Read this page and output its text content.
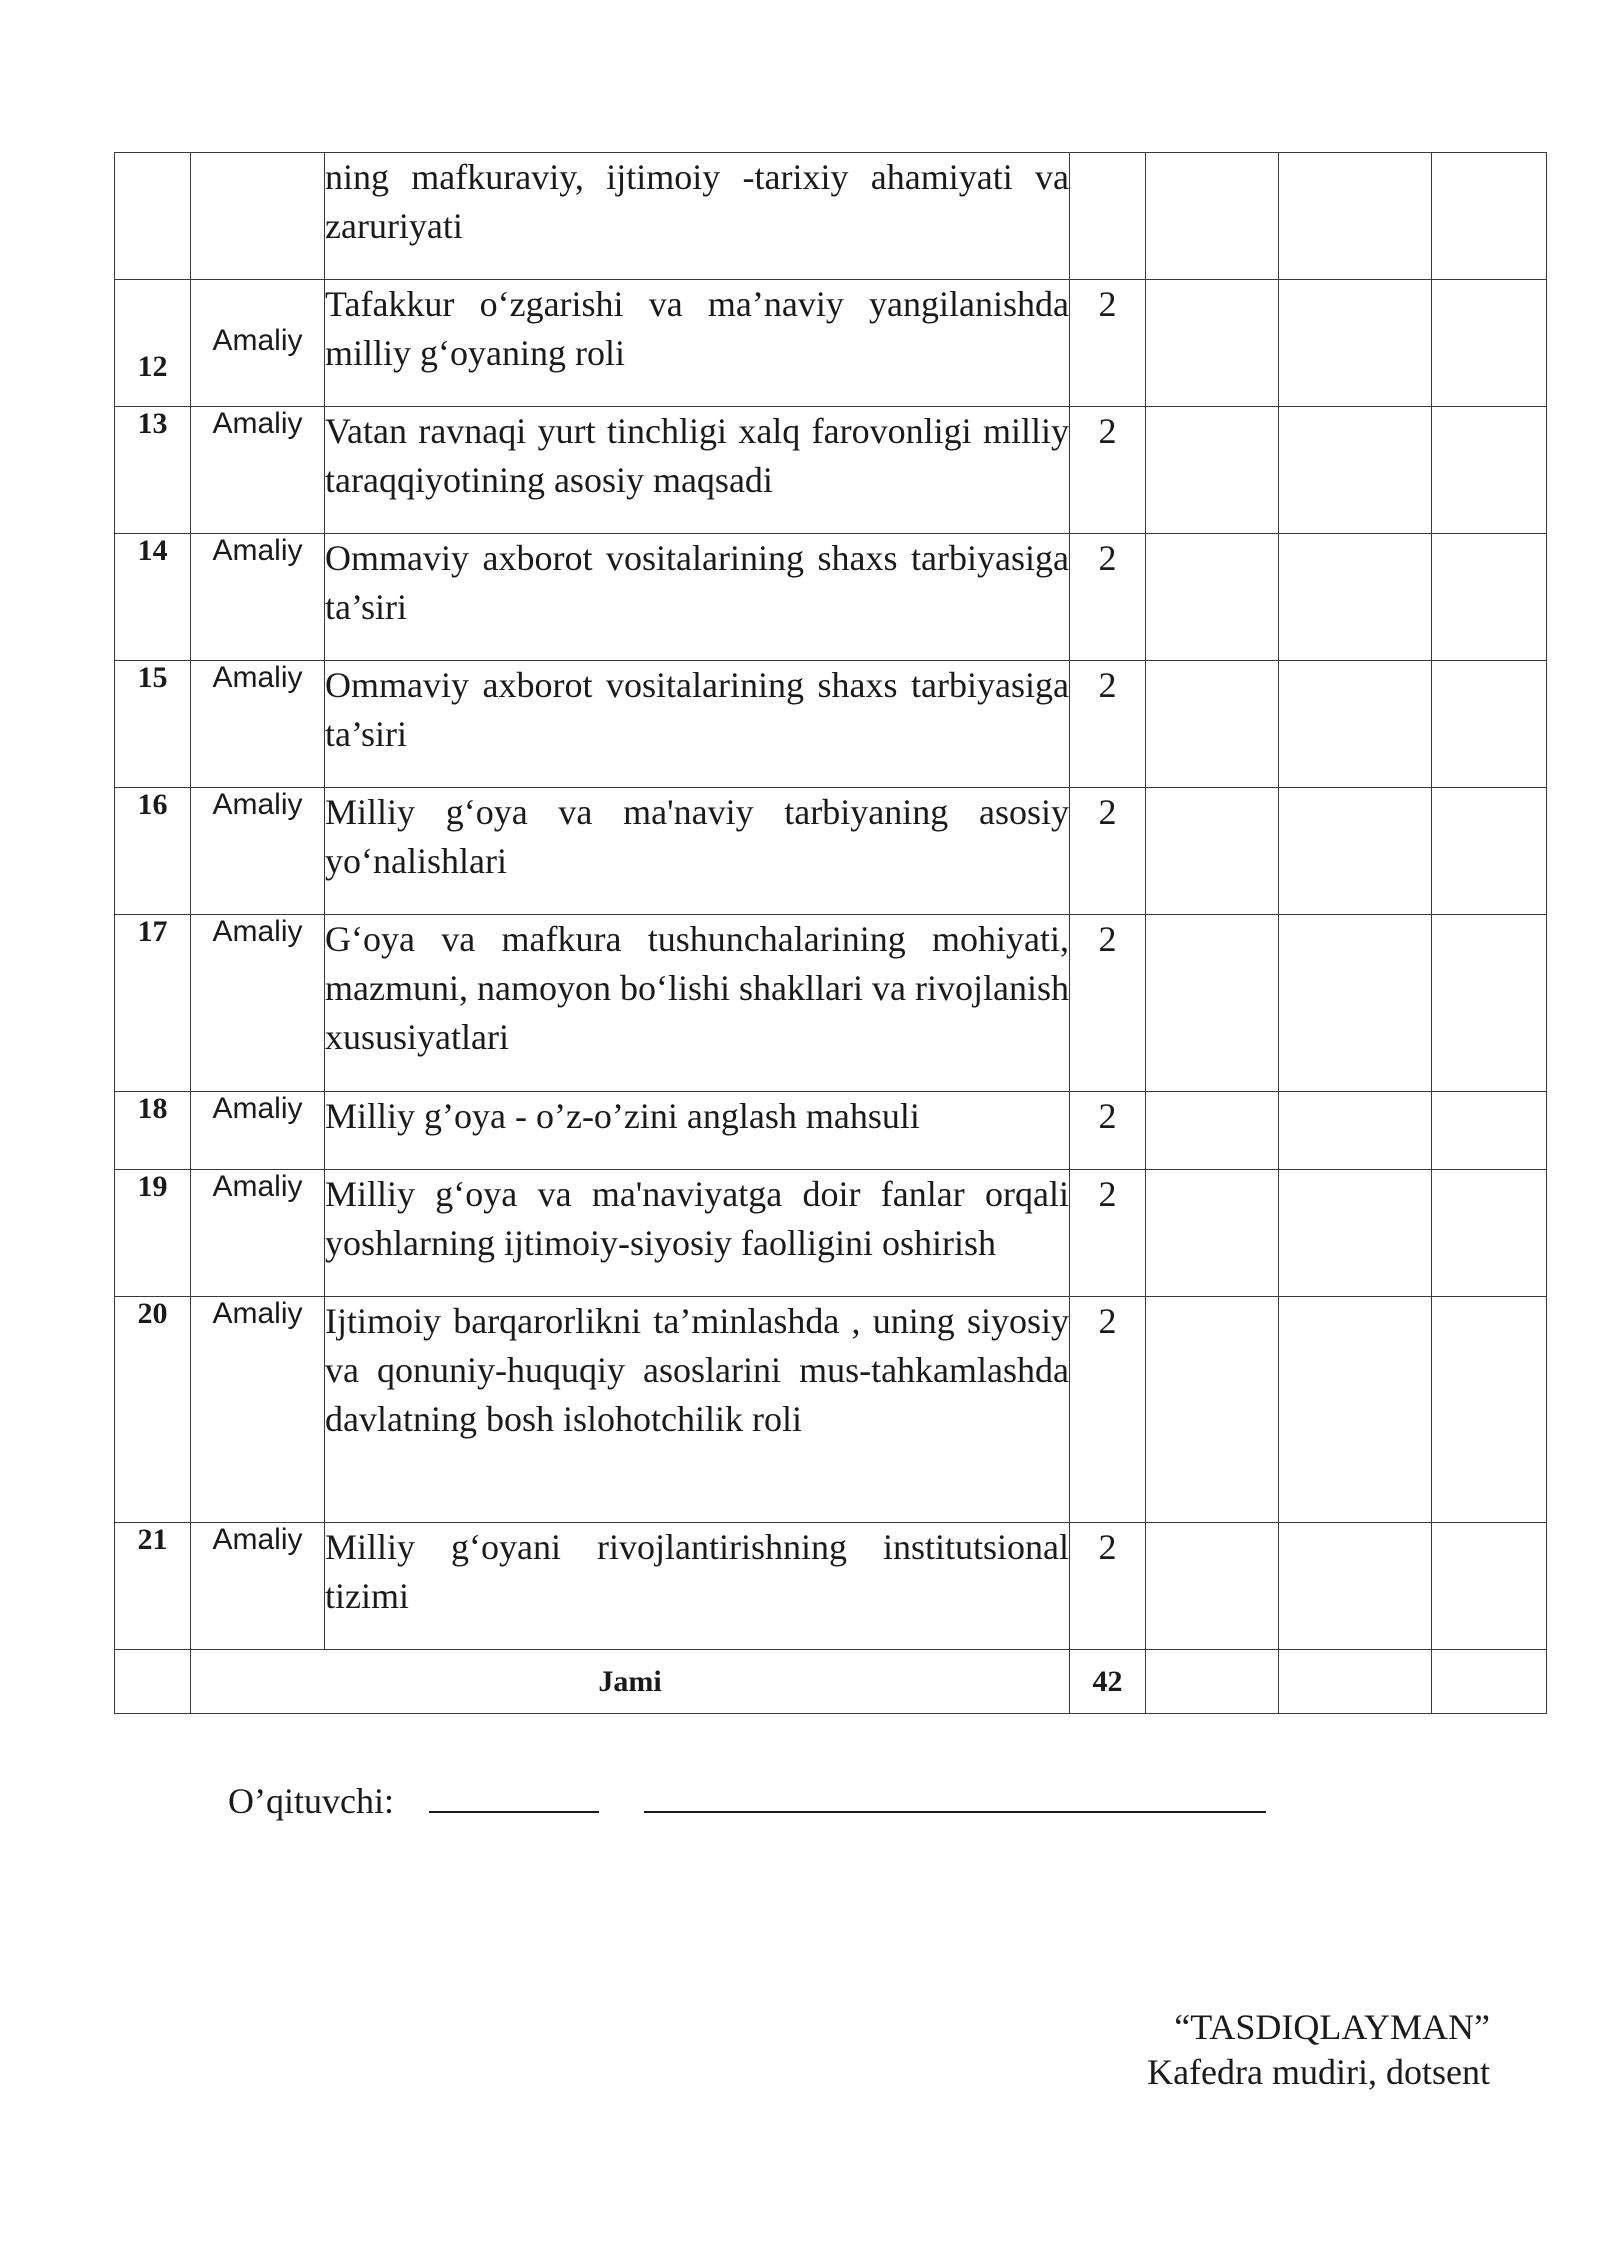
		ning mafkuraviy, ijtimoiy -tarixiy ahamiyati va zaruriyati				
12	Amaliy	Tafakkur o‘zgarishi va ma’naviy yangilanishda milliy g‘oyaning roli	2			
13	Amaliy	Vatan ravnaqi yurt tinchligi xalq farovonligi milliy taraqqiyotining asosiy maqsadi	2			
14	Amaliy	Ommaviy axborot vositalarining shaxs tarbiyasiga ta’siri	2			
15	Amaliy	Ommaviy axborot vositalarining shaxs tarbiyasiga ta’siri	2			
16	Amaliy	Milliy g‘oya va ma'naviy tarbiyaning asosiy yo‘nalishlari	2			
17	Amaliy	G‘oya va mafkura tushunchalarining mohiyati, mazmuni, namoyon bo‘lishi shakllari va rivojlanish xususiyatlari	2			
18	Amaliy	Milliy g’oya - o’z-o’zini anglash mahsuli	2			
19	Amaliy	Milliy g‘oya va ma'naviyatga doir fanlar orqali yoshlarning ijtimoiy-siyosiy faolligini oshirish	2			
20	Amaliy	Ijtimoiy barqarorlikni ta’minlashda , uning siyosiy va qonuniy-huquqiy asoslarini mus-tahkamlashda davlatning bosh islohotchilik roli	2			
21	Amaliy	Milliy g‘oyani rivojlantirishning institutsional tizimi	2			
	Jami		42			
O’qituvchi:
“TASDIQLAYMAN”
Kafedra mudiri, dotsent
